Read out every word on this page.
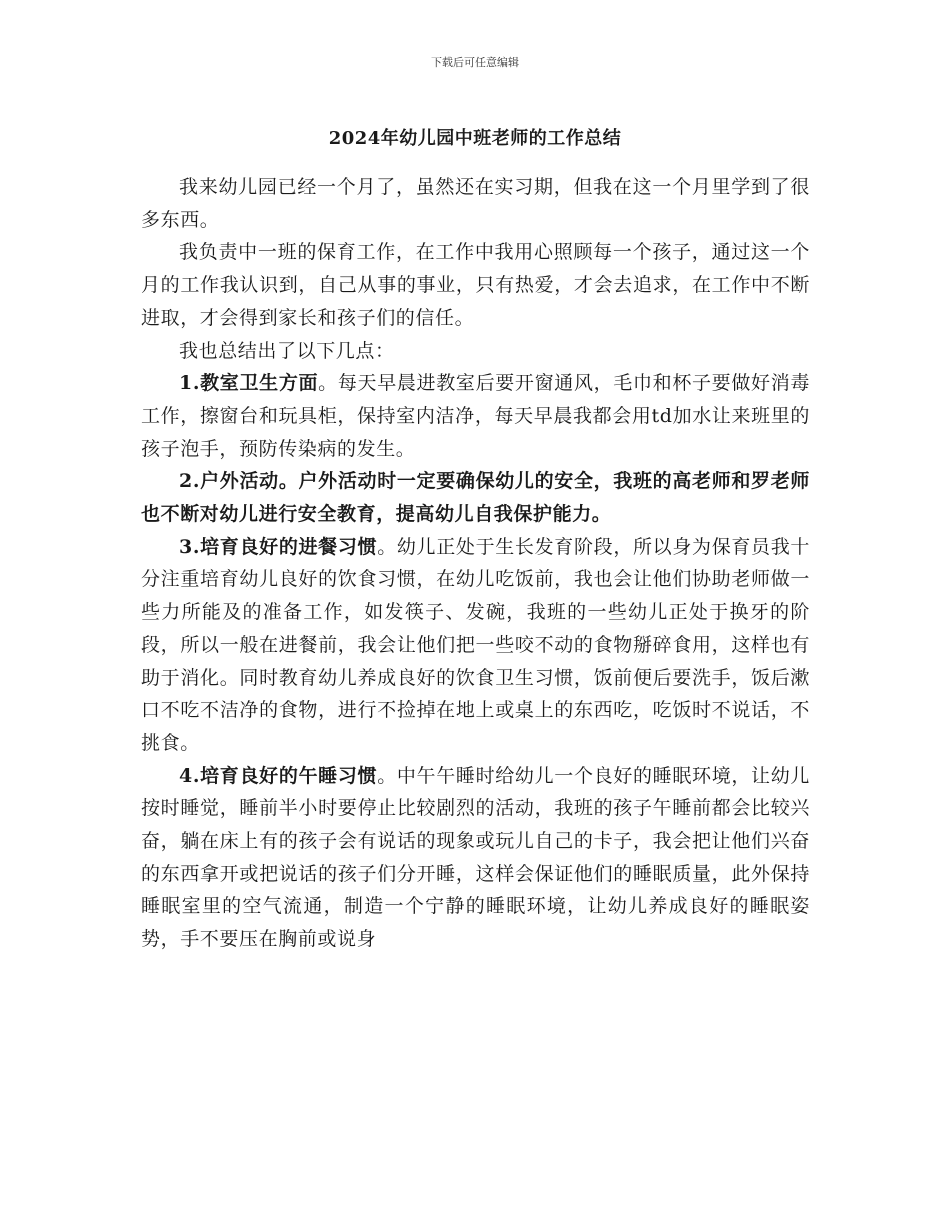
下载后可任意编辑
2024年幼儿园中班老师的工作总结

我来幼儿园已经一个月了，虽然还在实习期，但我在这一个月里学到了很多东西。

我负责中一班的保育工作，在工作中我用心照顾每一个孩子，通过这一个月的工作我认识到，自己从事的事业，只有热爱，才会去追求，在工作中不断进取，才会得到家长和孩子们的信任。

我也总结出了以下几点：

1.教室卫生方面。每天早晨进教室后要开窗通风，毛巾和杯子要做好消毒工作，擦窗台和玩具柜，保持室内洁净，每天早晨我都会用td加水让来班里的孩子泡手，预防传染病的发生。

2.户外活动。户外活动时一定要确保幼儿的安全，我班的高老师和罗老师也不断对幼儿进行安全教育，提高幼儿自我保护能力。

3.培育良好的进餐习惯。幼儿正处于生长发育阶段，所以身为保育员我十分注重培育幼儿良好的饮食习惯，在幼儿吃饭前，我也会让他们协助老师做一些力所能及的准备工作，如发筷子、发碗，我班的一些幼儿正处于换牙的阶段，所以一般在进餐前，我会让他们把一些咬不动的食物掰碎食用，这样也有助于消化。同时教育幼儿养成良好的饮食卫生习惯，饭前便后要洗手，饭后漱口不吃不洁净的食物，进行不捡掉在地上或桌上的东西吃，吃饭时不说话，不挑食。

4.培育良好的午睡习惯。中午午睡时给幼儿一个良好的睡眠环境，让幼儿按时睡觉，睡前半小时要停止比较剧烈的活动，我班的孩子午睡前都会比较兴奋，躺在床上有的孩子会有说话的现象或玩儿自己的卡子，我会把让他们兴奋的东西拿开或把说话的孩子们分开睡，这样会保证他们的睡眠质量，此外保持睡眠室里的空气流通，制造一个宁静的睡眠环境，让幼儿养成良好的睡眠姿势，手不要压在胸前或说身
